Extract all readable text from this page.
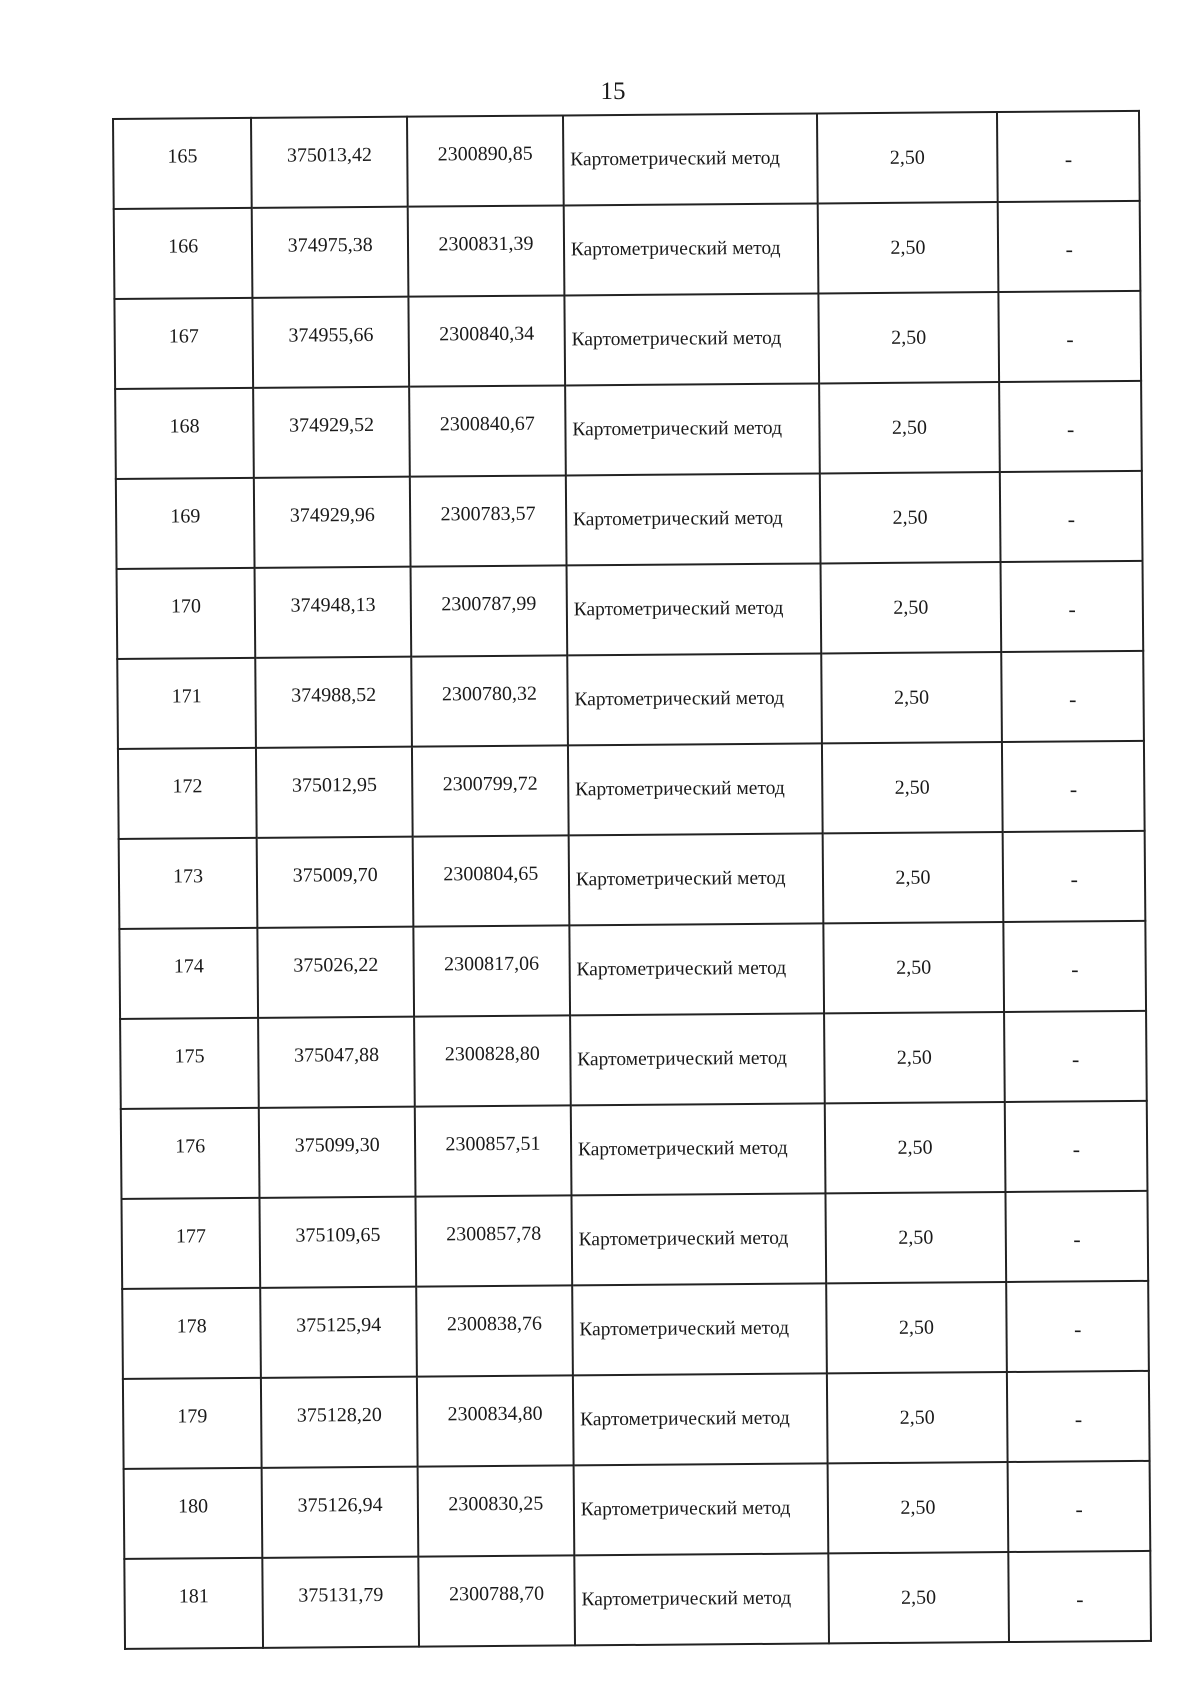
15
165	375013,42	2300890,85	Картометрический метод	2,50	-
166	374975,38	2300831,39	Картометрический метод	2,50	-
167	374955,66	2300840,34	Картометрический метод	2,50	-
168	374929,52	2300840,67	Картометрический метод	2,50	-
169	374929,96	2300783,57	Картометрический метод	2,50	-
170	374948,13	2300787,99	Картометрический метод	2,50	-
171	374988,52	2300780,32	Картометрический метод	2,50	-
172	375012,95	2300799,72	Картометрический метод	2,50	-
173	375009,70	2300804,65	Картометрический метод	2,50	-
174	375026,22	2300817,06	Картометрический метод	2,50	-
175	375047,88	2300828,80	Картометрический метод	2,50	-
176	375099,30	2300857,51	Картометрический метод	2,50	-
177	375109,65	2300857,78	Картометрический метод	2,50	-
178	375125,94	2300838,76	Картометрический метод	2,50	-
179	375128,20	2300834,80	Картометрический метод	2,50	-
180	375126,94	2300830,25	Картометрический метод	2,50	-
181	375131,79	2300788,70	Картометрический метод	2,50	-
